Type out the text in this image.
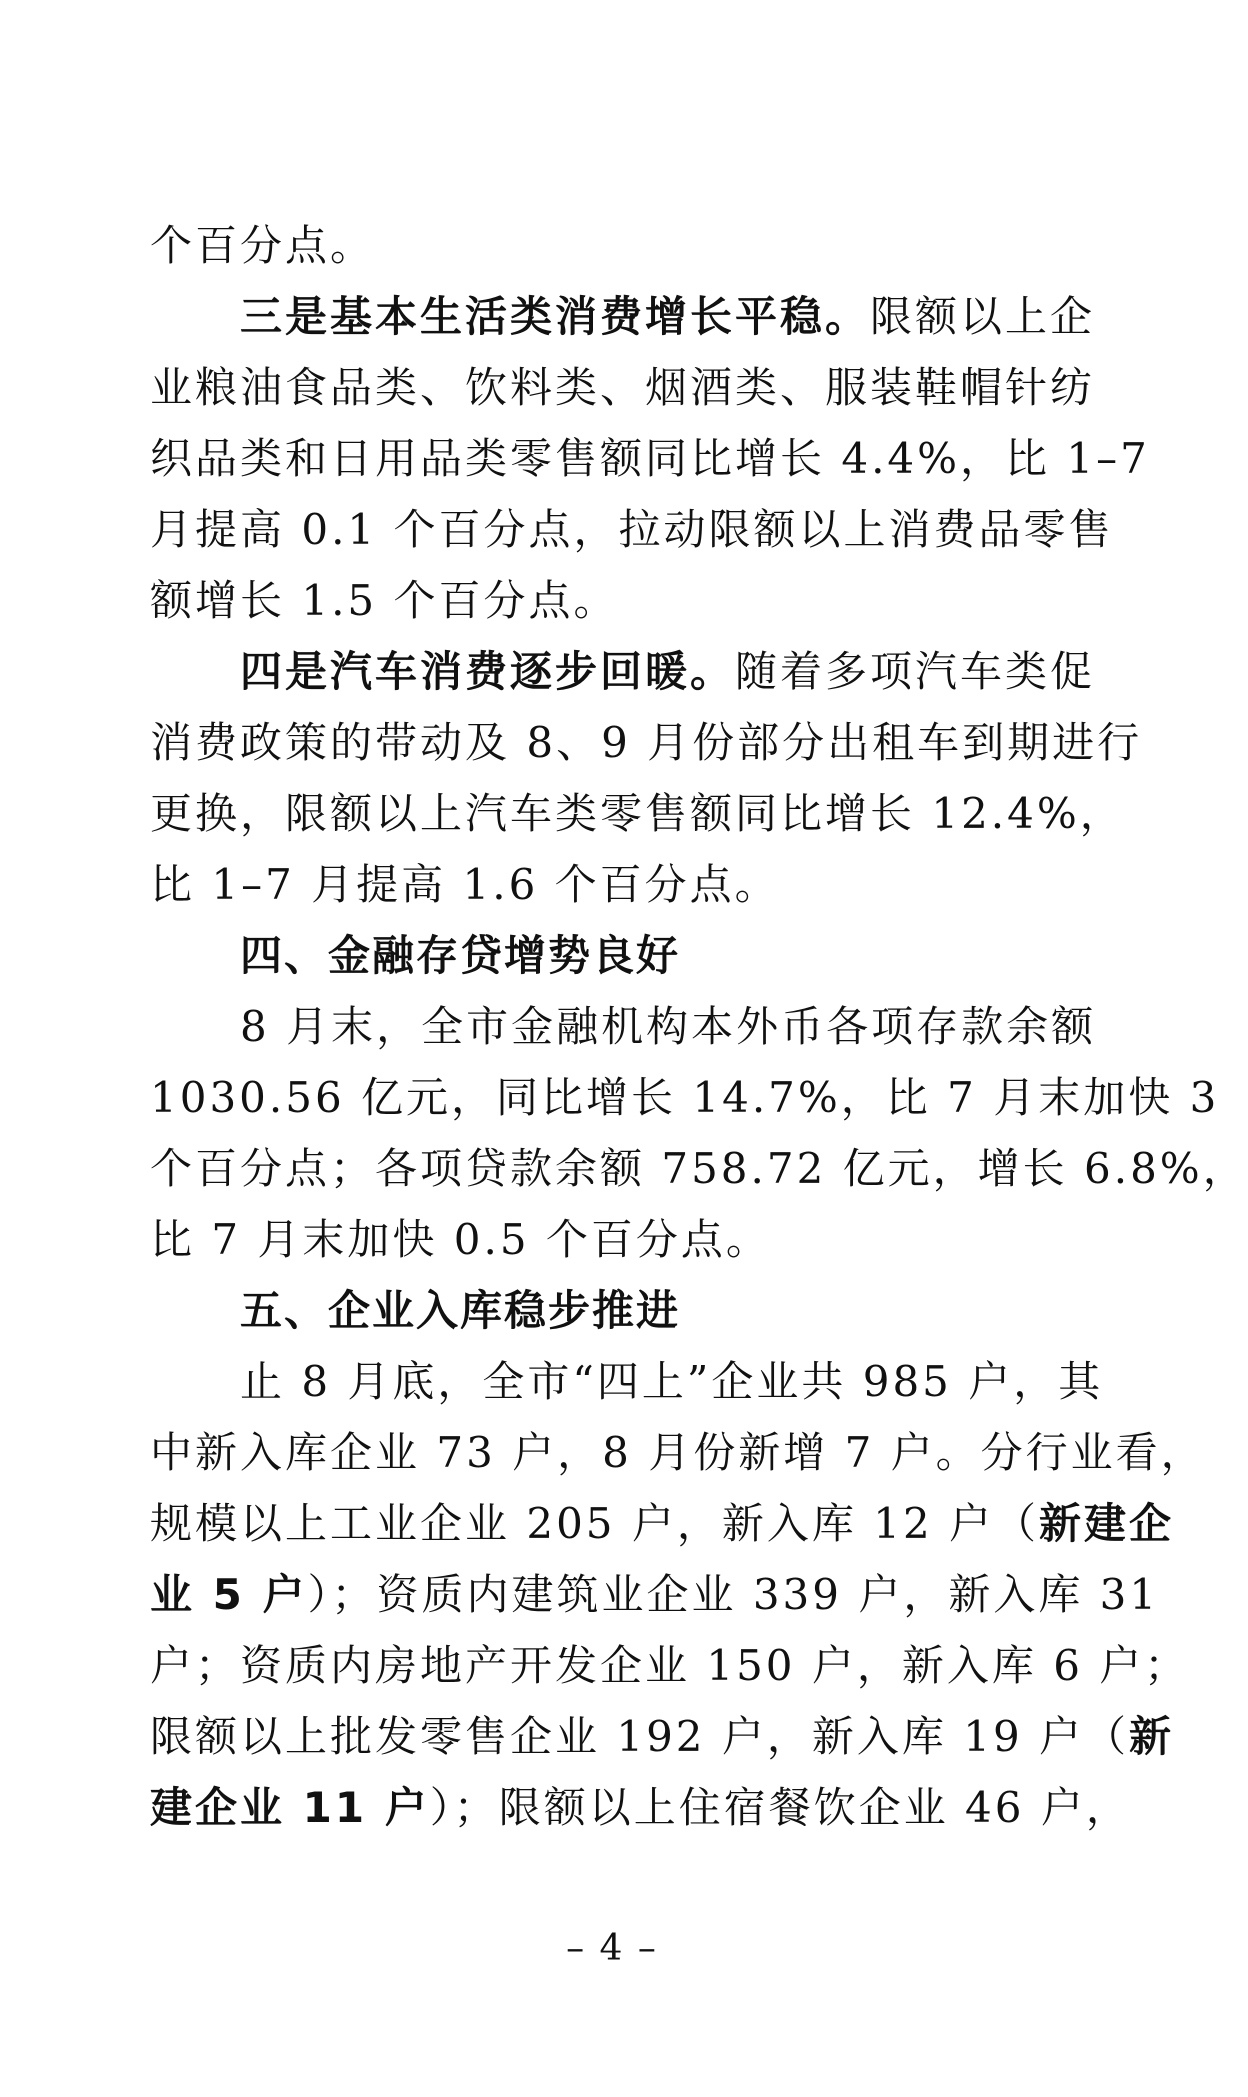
个百分点。
三是基本生活类消费增长平稳。限额以上企
业粮油食品类、饮料类、烟酒类、服装鞋帽针纺
织品类和日用品类零售额同比增长 4.4%，比 1–7
月提高 0.1 个百分点，拉动限额以上消费品零售
额增长 1.5 个百分点。
四是汽车消费逐步回暖。随着多项汽车类促
消费政策的带动及 8、9 月份部分出租车到期进行
更换，限额以上汽车类零售额同比增长 12.4%，
比 1–7 月提高 1.6 个百分点。
四、金融存贷增势良好
8 月末，全市金融机构本外币各项存款余额
1030.56 亿元，同比增长 14.7%，比 7 月末加快 3
个百分点；各项贷款余额 758.72 亿元，增长 6.8%，
比 7 月末加快 0.5 个百分点。
五、企业入库稳步推进
止 8 月底，全市“四上”企业共 985 户，其
中新入库企业 73 户，8 月份新增 7 户。分行业看，
规模以上工业企业 205 户，新入库 12 户（新建企
业 5 户）；资质内建筑业企业 339 户，新入库 31
户；资质内房地产开发企业 150 户，新入库 6 户；
限额以上批发零售企业 192 户，新入库 19 户（新
建企业 11 户）；限额以上住宿餐饮企业 46 户，
– 4 –
